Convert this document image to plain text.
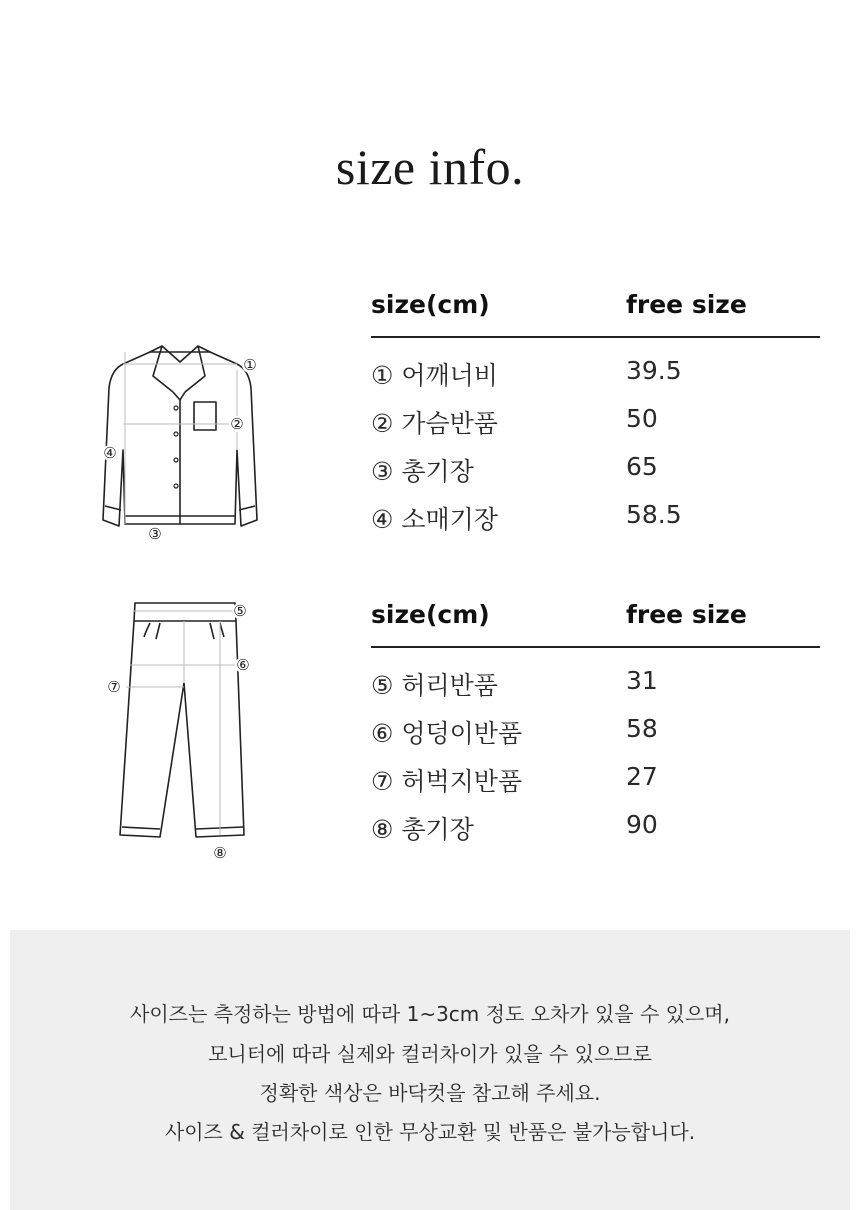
size info.
①
②
③
④
size(cm)	free size
① 어깨너비	39.5
② 가슴반품	50
③ 총기장	65
④ 소매기장	58.5
⑤
⑥
⑦
⑧
size(cm)	free size
⑤ 허리반품	31
⑥ 엉덩이반품	58
⑦ 허벅지반품	27
⑧ 총기장	90
사이즈는 측정하는 방법에 따라 1~3cm 정도 오차가 있을 수 있으며,
모니터에 따라 실제와 컬러차이가 있을 수 있으므로
정확한 색상은 바닥컷을 참고해 주세요.
사이즈 & 컬러차이로 인한 무상교환 및 반품은 불가능합니다.
